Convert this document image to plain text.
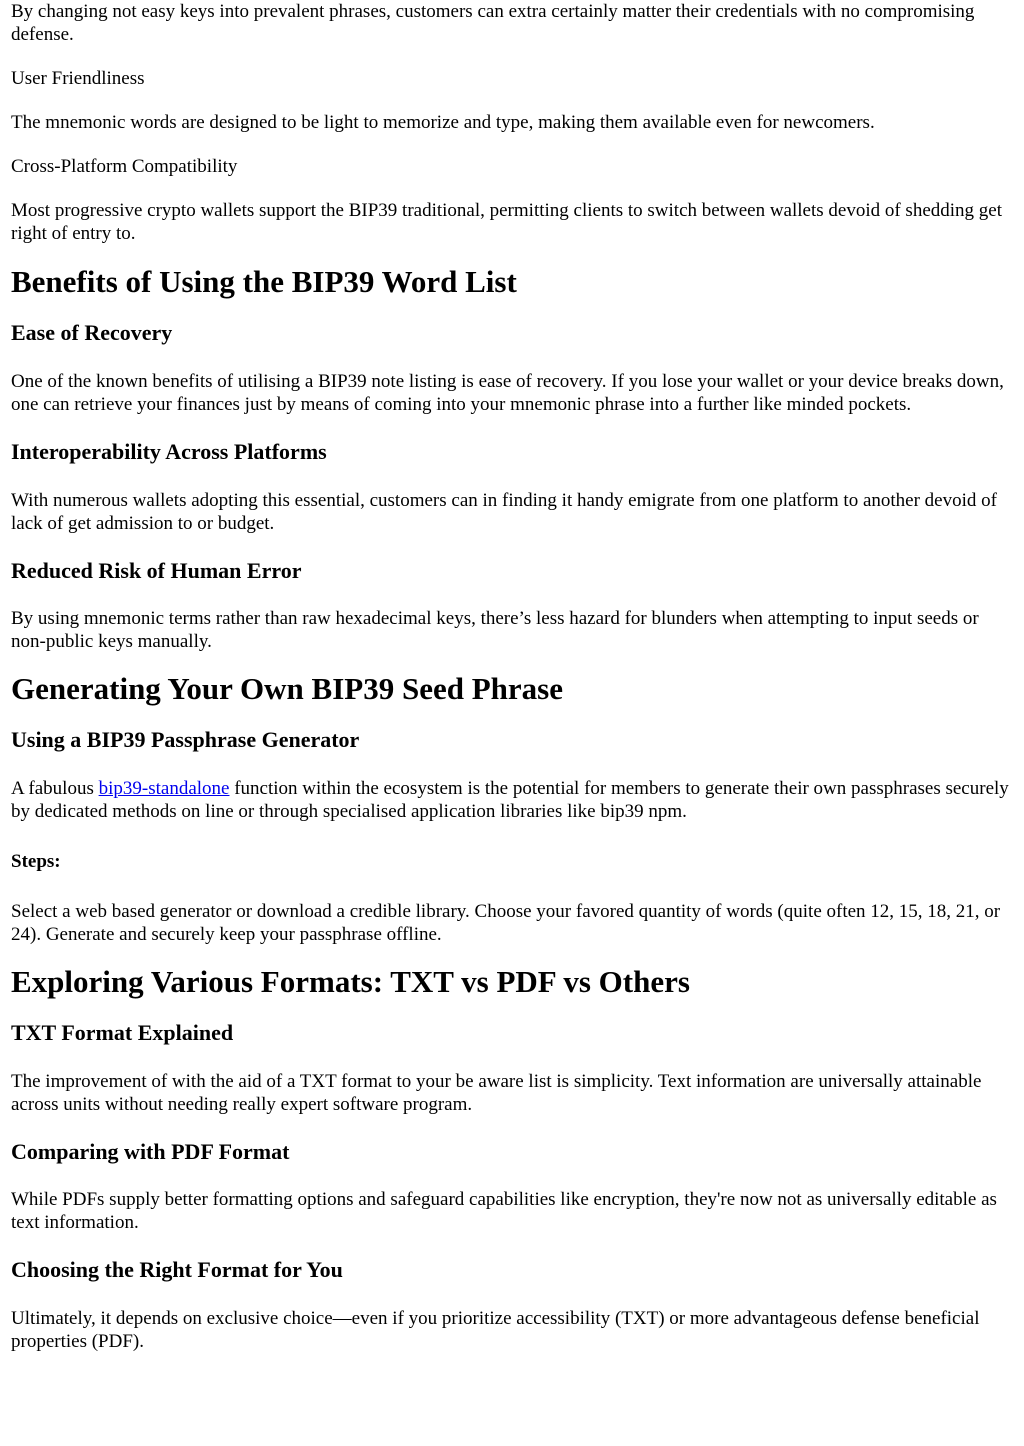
By changing not easy keys into prevalent phrases, customers can extra certainly matter their credentials with no compromising defense.

User Friendliness

The mnemonic words are designed to be light to memorize and type, making them available even for newcomers.

Cross-Platform Compatibility

Most progressive crypto wallets support the BIP39 traditional, permitting clients to switch between wallets devoid of shedding get right of entry to.

Benefits of Using the BIP39 Word List
Ease of Recovery

One of the known benefits of utilising a BIP39 note listing is ease of recovery. If you lose your wallet or your device breaks down, one can retrieve your finances just by means of coming into your mnemonic phrase into a further like minded pockets.

Interoperability Across Platforms

With numerous wallets adopting this essential, customers can in finding it handy emigrate from one platform to another devoid of lack of get admission to or budget.

Reduced Risk of Human Error

By using mnemonic terms rather than raw hexadecimal keys, there’s less hazard for blunders when attempting to input seeds or non-public keys manually.

Generating Your Own BIP39 Seed Phrase
Using a BIP39 Passphrase Generator

A fabulous bip39-standalone function within the ecosystem is the potential for members to generate their own passphrases securely by dedicated methods on line or through specialised application libraries like bip39 npm.

Steps:

Select a web based generator or download a credible library. Choose your favored quantity of words (quite often 12, 15, 18, 21, or 24). Generate and securely keep your passphrase offline.

Exploring Various Formats: TXT vs PDF vs Others
TXT Format Explained

The improvement of with the aid of a TXT format to your be aware list is simplicity. Text information are universally attainable across units without needing really expert software program.

Comparing with PDF Format

While PDFs supply better formatting options and safeguard capabilities like encryption, they're now not as universally editable as text information.

Choosing the Right Format for You

Ultimately, it depends on exclusive choice—even if you prioritize accessibility (TXT) or more advantageous defense beneficial properties (PDF).
